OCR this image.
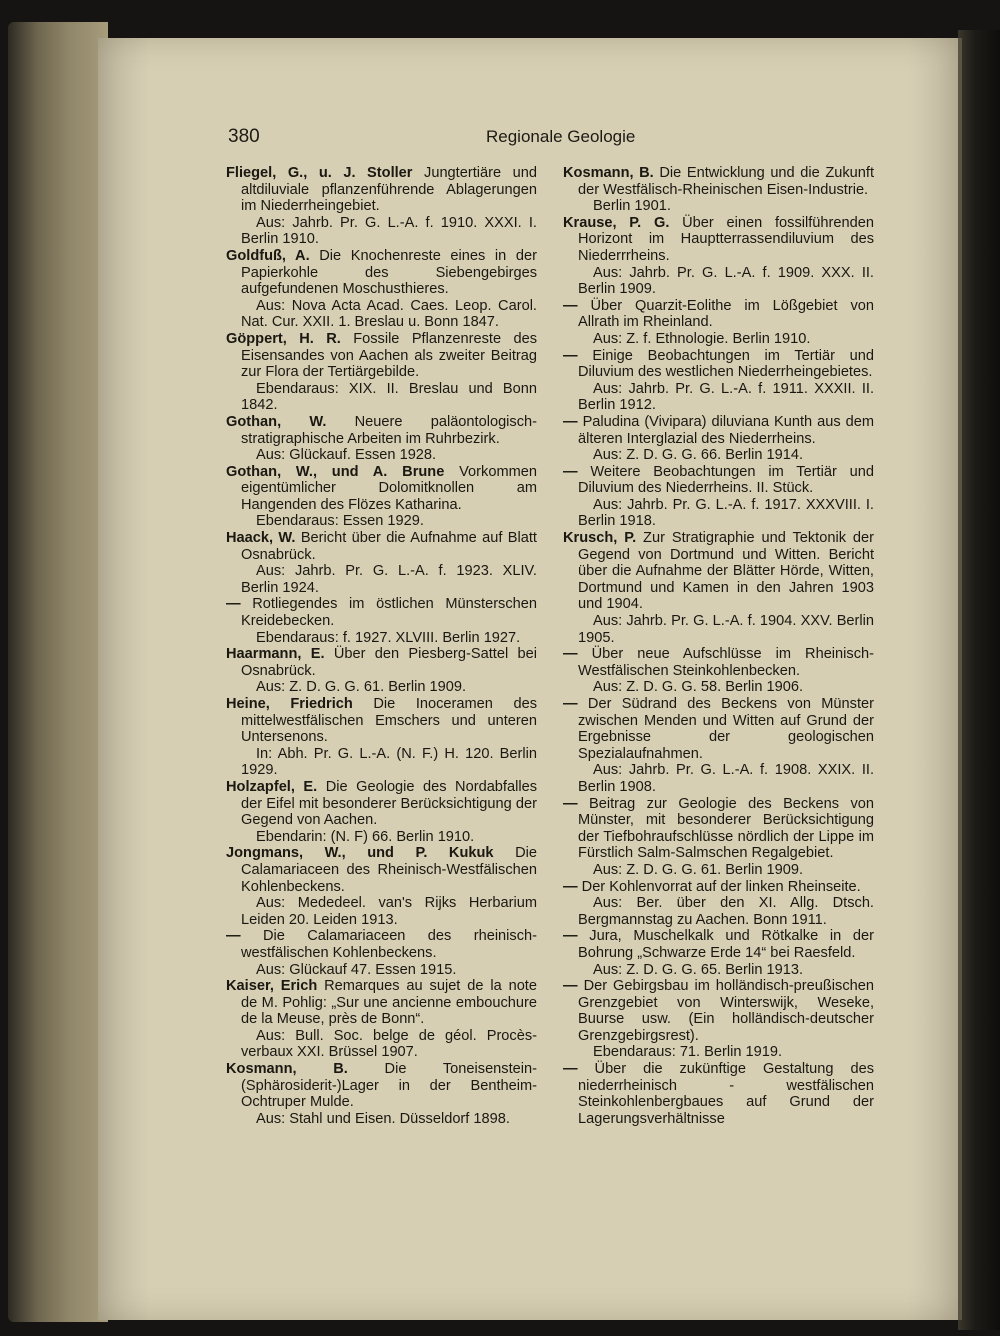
380	Regionale Geologie

Fliegel, G., u. J. Stoller Jungtertiäre und altdiluviale pflanzenführende Ablagerungen im Niederrheingebiet.
Aus: Jahrb. Pr. G. L.-A. f. 1910. XXXI. I. Berlin 1910.

Goldfuß, A. Die Knochenreste eines in der Papierkohle des Siebengebirges aufgefundenen Moschusthieres.
Aus: Nova Acta Acad. Caes. Leop. Carol. Nat. Cur. XXII. 1. Breslau u. Bonn 1847.

Göppert, H. R. Fossile Pflanzenreste des Eisensandes von Aachen als zweiter Beitrag zur Flora der Tertiärgebilde.
Ebendaraus: XIX. II. Breslau und Bonn 1842.

Gothan, W. Neuere paläontologisch-stratigraphische Arbeiten im Ruhrbezirk.
Aus: Glückauf. Essen 1928.

Gothan, W., und A. Brune Vorkommen eigentümlicher Dolomitknollen am Hangenden des Flözes Katharina.
Ebendaraus: Essen 1929.

Haack, W. Bericht über die Aufnahme auf Blatt Osnabrück.
Aus: Jahrb. Pr. G. L.-A. f. 1923. XLIV. Berlin 1924.

— Rotliegendes im östlichen Münsterschen Kreidebecken.
Ebendaraus: f. 1927. XLVIII. Berlin 1927.

Haarmann, E. Über den Piesberg-Sattel bei Osnabrück.
Aus: Z. D. G. G. 61. Berlin 1909.

Heine, Friedrich Die Inoceramen des mittelwestfälischen Emschers und unteren Untersenons.
In: Abh. Pr. G. L.-A. (N. F.) H. 120. Berlin 1929.

Holzapfel, E. Die Geologie des Nordabfalles der Eifel mit besonderer Berücksichtigung der Gegend von Aachen.
Ebendarin: (N. F) 66. Berlin 1910.

Jongmans, W., und P. Kukuk Die Calamariaceen des Rheinisch-Westfälischen Kohlenbeckens.
Aus: Mededeel. van's Rijks Herbarium Leiden 20. Leiden 1913.

— Die Calamariaceen des rheinisch-westfälischen Kohlenbeckens.
Aus: Glückauf 47. Essen 1915.

Kaiser, Erich Remarques au sujet de la note de M. Pohlig: „Sur une ancienne embouchure de la Meuse, près de Bonn“.
Aus: Bull. Soc. belge de géol. Procès-verbaux XXI. Brüssel 1907.

Kosmann, B.	Die Toneisenstein-(Sphärosiderit-)Lager in der Bentheim-Ochtruper Mulde.
Aus: Stahl und Eisen. Düsseldorf 1898.

Kosmann, B. Die Entwicklung und die Zukunft der Westfälisch-Rheinischen Eisen-Industrie.
Berlin 1901.

Krause, P. G. Über einen fossilführenden Horizont im Hauptterrassendiluvium des Niederrrheins.
Aus: Jahrb. Pr. G. L.-A. f. 1909. XXX. II. Berlin 1909.

— Über Quarzit-Eolithe im Lößgebiet von Allrath im Rheinland.
Aus: Z. f. Ethnologie. Berlin 1910.

— Einige Beobachtungen im Tertiär und Diluvium des westlichen Niederrheingebietes.
Aus: Jahrb. Pr. G. L.-A. f. 1911. XXXII. II. Berlin 1912.

— Paludina (Vivipara) diluviana Kunth aus dem älteren Interglazial des Niederrheins.
Aus: Z. D. G. G. 66. Berlin 1914.

— Weitere Beobachtungen im Tertiär und Diluvium des Niederrheins. II. Stück.
Aus: Jahrb. Pr. G. L.-A. f. 1917. XXXVIII. I. Berlin 1918.

Krusch, P. Zur Stratigraphie und Tektonik der Gegend von Dortmund und Witten. Bericht über die Aufnahme der Blätter Hörde, Witten, Dortmund und Kamen in den Jahren 1903 und 1904.
Aus: Jahrb. Pr. G. L.-A. f. 1904. XXV. Berlin 1905.

— Über neue Aufschlüsse im Rheinisch-Westfälischen Steinkohlenbecken.
Aus: Z. D. G. G. 58. Berlin 1906.

— Der Südrand des Beckens von Münster zwischen Menden und Witten auf Grund der Ergebnisse der geologischen Spezialaufnahmen.
Aus: Jahrb. Pr. G. L.-A. f. 1908. XXIX. II. Berlin 1908.

— Beitrag zur Geologie des Beckens von Münster, mit besonderer Berücksichtigung der Tiefbohraufschlüsse nördlich der Lippe im Fürstlich Salm-Salmschen Regalgebiet.
Aus: Z. D. G. G. 61. Berlin 1909.

— Der Kohlenvorrat auf der linken Rheinseite.
Aus: Ber. über den XI. Allg. Dtsch. Bergmannstag zu Aachen. Bonn 1911.

— Jura, Muschelkalk und Rötkalke in der Bohrung „Schwarze Erde 14“ bei Raesfeld.
Aus: Z. D. G. G. 65. Berlin 1913.

— Der Gebirgsbau im holländisch-preußischen Grenzgebiet von Winterswijk, Weseke, Buurse usw. (Ein holländisch-deutscher Grenzgebirgsrest).
Ebendaraus: 71. Berlin 1919.

— Über die zukünftige Gestaltung des niederrheinisch - westfälischen Steinkohlenbergbaues auf Grund der Lagerungsverhältnisse
